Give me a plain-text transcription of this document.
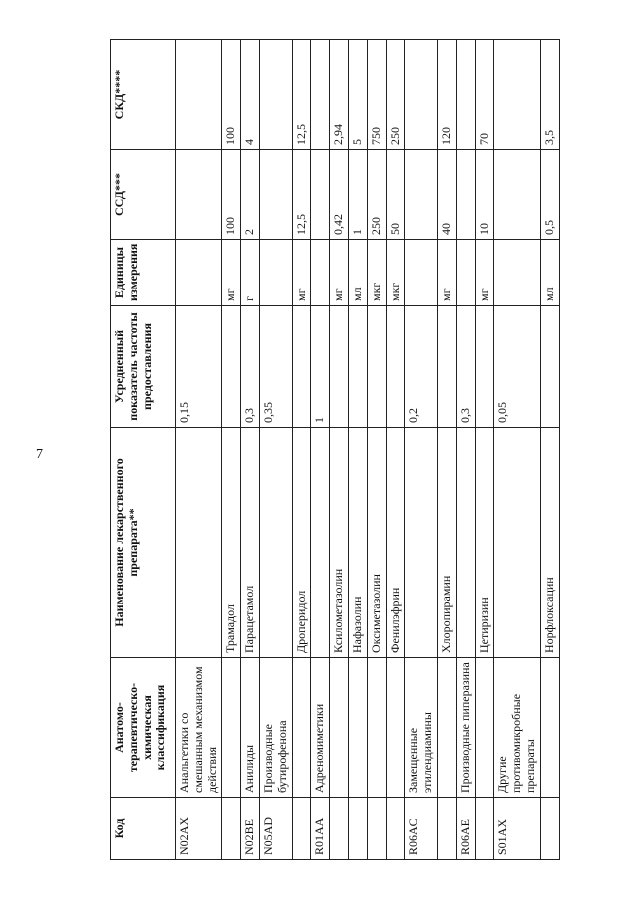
7
Код	Анатомо-терапевтическо-химическая классификация	Наименование лекарственного препарата**	Усредненный показатель частоты предоставления	Единицы измерения	ССД***	СКД****
N02AX	Анальгетики со смешанным механизмом действия		0,15			
		Трамадол		мг	100	100
N02BE	Анилиды	Парацетамол	0,3	г	2	4
N05AD	Производные бутирофенона		0,35			
		Дроперидол		мг	12,5	12,5
R01AA	Адреномиметики		1			
		Ксилометазолин		мг	0,42	2,94
		Нафазолин		мл	1	5
		Оксиметазолин		мкг	250	750
		Фенилэфрин		мкг	50	250
R06AC	Замещенные этилендиамины		0,2			
		Хлоропирамин		мг	40	120
R06AE	Производные пиперазина		0,3			
		Цетиризин		мг	10	70
S01AX	Другие противомикробные препараты		0,05			
		Норфлоксацин		мл	0,5	3,5
